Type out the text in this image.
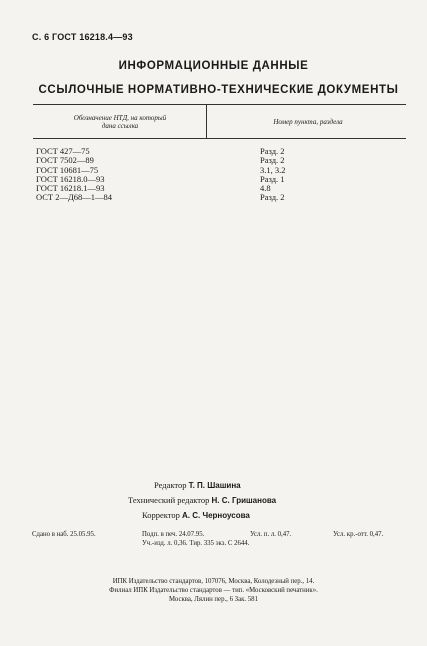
С. 6 ГОСТ 16218.4—93
ИНФОРМАЦИОННЫЕ ДАННЫЕ
ССЫЛОЧНЫЕ НОРМАТИВНО-ТЕХНИЧЕСКИЕ ДОКУМЕНТЫ
Обозначение НТД, на который
дана ссылка	Номер пункта, раздела
ГОСТ 427—75	Разд. 2
ГОСТ 7502—89	Разд. 2
ГОСТ 10681—75	3.1, 3.2
ГОСТ 16218.0—93	Разд. 1
ГОСТ 16218.1—93	4.8
ОСТ 2—Д68—1—84	Разд. 2
Редактор Т. П. Шашина
Технический редактор Н. С. Гришанова
Корректор А. С. Черноусова
Сдано в наб. 25.05.95.	Подп. в печ. 24.07.95.	Усл. п. л. 0,47.	Усл. кр.-отт. 0,47.
Уч.-изд. л. 0,36. Тир. 335 экз. С 2644.
ИПК Издательство стандартов, 107076, Москва, Колодезный пер., 14.
Филиал ИПК Издательство стандартов — тип. «Московский печатник».
Москва, Лялин пер., 6 Зак. 581
